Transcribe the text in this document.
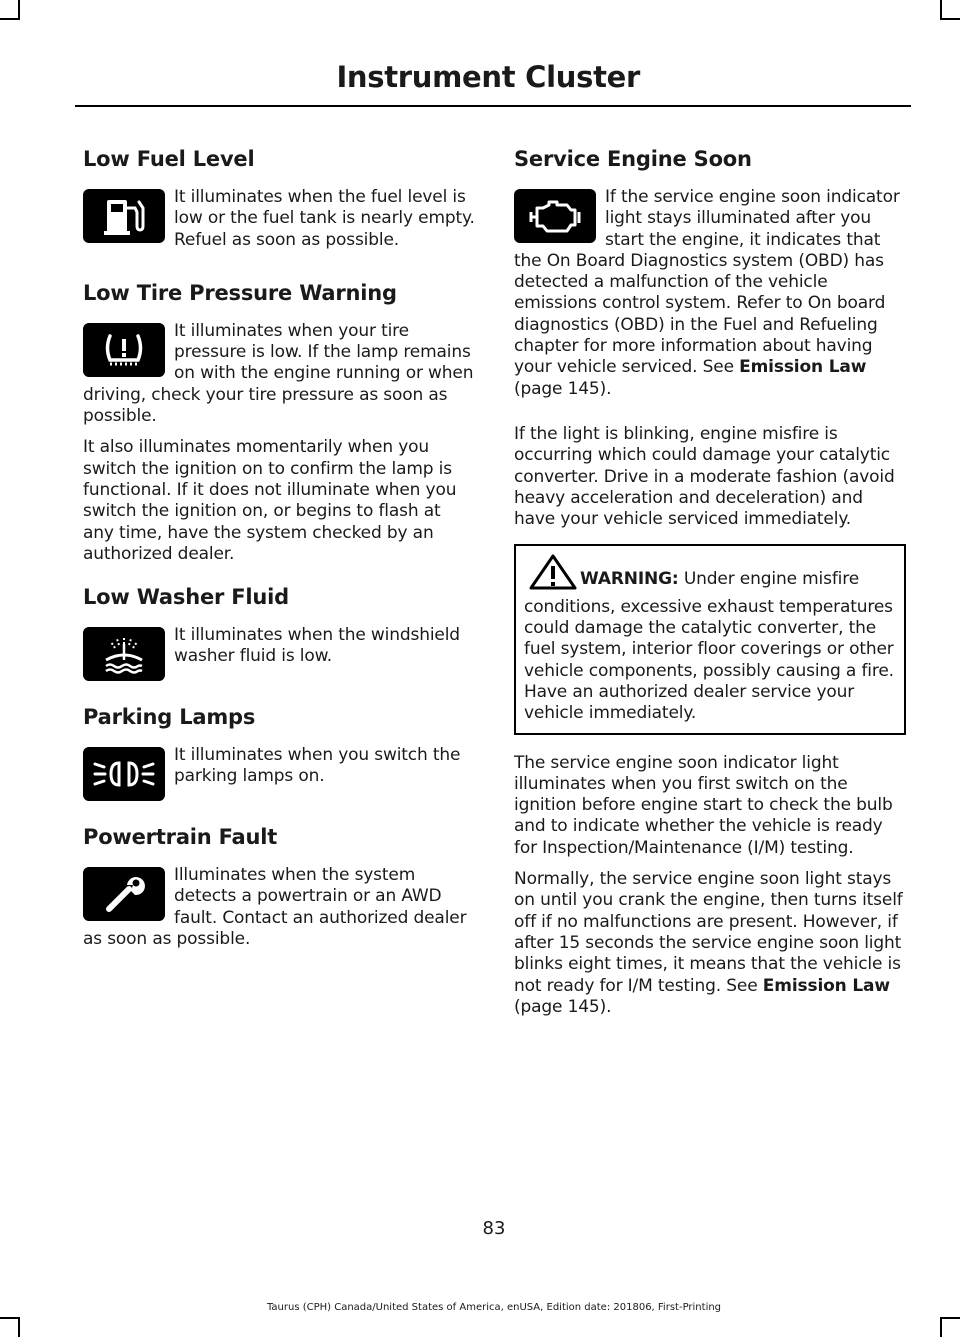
Instrument Cluster
Low Fuel Level

It illuminates when the fuel level is low or the fuel tank is nearly empty. Refuel as soon as possible.

Low Tire Pressure Warning

It illuminates when your tire pressure is low. If the lamp remains on with the engine running or when driving, check your tire pressure as soon as possible.

It also illuminates momentarily when you switch the ignition on to confirm the lamp is functional. If it does not illuminate when you switch the ignition on, or begins to flash at any time, have the system checked by an authorized dealer.

Low Washer Fluid

It illuminates when the windshield washer fluid is low.

Parking Lamps

It illuminates when you switch the parking lamps on.

Powertrain Fault

Illuminates when the system detects a powertrain or an AWD fault. Contact an authorized dealer as soon as possible.

Service Engine Soon

If the service engine soon indicator light stays illuminated after you start the engine, it indicates that the On Board Diagnostics system (OBD) has detected a malfunction of the vehicle emissions control system. Refer to On board diagnostics (OBD) in the Fuel and Refueling chapter for more information about having your vehicle serviced. See Emission Law (page 145).

If the light is blinking, engine misfire is occurring which could damage your catalytic converter. Drive in a moderate fashion (avoid heavy acceleration and deceleration) and have your vehicle serviced immediately.

WARNING: Under engine misfire conditions, excessive exhaust temperatures could damage the catalytic converter, the fuel system, interior floor coverings or other vehicle components, possibly causing a fire. Have an authorized dealer service your vehicle immediately.

The service engine soon indicator light illuminates when you first switch on the ignition before engine start to check the bulb and to indicate whether the vehicle is ready for Inspection/Maintenance (I/M) testing.

Normally, the service engine soon light stays on until you crank the engine, then turns itself off if no malfunctions are present. However, if after 15 seconds the service engine soon light blinks eight times, it means that the vehicle is not ready for I/M testing. See Emission Law (page 145).

83
Taurus (CPH) Canada/United States of America, enUSA, Edition date: 201806, First-Printing
